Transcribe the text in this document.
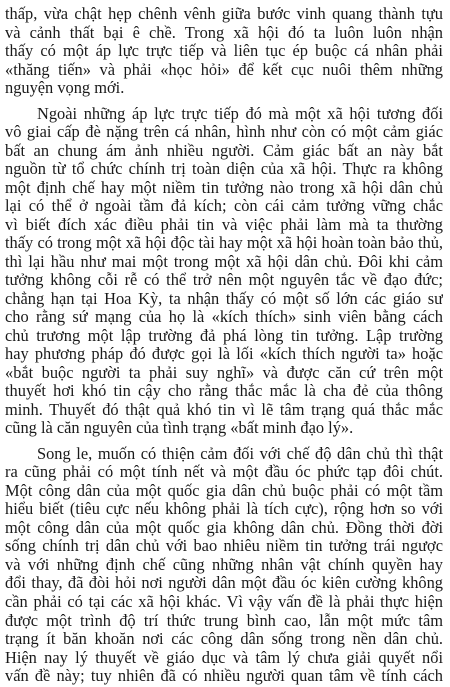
thấp, vừa chật hẹp chênh vênh giữa bước vinh quang thành tựu
và cảnh thất bại ê chề. Trong xã hội đó ta luôn luôn nhận
thấy có một áp lực trực tiếp và liên tục ép buộc cá nhân phải
«thăng tiến» và phải «học hỏi» để kết cục nuôi thêm những
nguyện vọng mới.
Ngoài những áp lực trực tiếp đó mà một xã hội tương đối
vô giai cấp đè nặng trên cá nhân, hình như còn có một cảm giác
bất an chung ám ảnh nhiều người. Cảm giác bất an này bắt
nguồn từ tổ chức chính trị toàn diện của xã hội. Thực ra không
một định chế hay một niềm tin tưởng nào trong xã hội dân chủ
lại có thể ở ngoài tầm đả kích; còn cái cảm tưởng vững chắc
vì biết đích xác điều phải tin và việc phải làm mà ta thường
thấy có trong một xã hội độc tài hay một xã hội hoàn toàn bảo thủ,
thì lại hầu như mai một trong một xã hội dân chủ. Đôi khi cảm
tưởng không cỗi rễ có thể trở nên một nguyên tắc về đạo đức;
chẳng hạn tại Hoa Kỳ, ta nhận thấy có một số lớn các giáo sư
cho rằng sứ mạng của họ là «kích thích» sinh viên bằng cách
chủ trương một lập trường đả phá lòng tin tưởng. Lập trường
hay phương pháp đó được gọi là lối «kích thích người ta» hoặc
«bắt buộc người ta phải suy nghĩ» và được căn cứ trên một
thuyết hơi khó tin cậy cho rằng thắc mắc là cha đẻ của thông
minh. Thuyết đó thật quả khó tin vì lẽ tâm trạng quá thắc mắc
cũng là căn nguyên của tình trạng «bất minh đạo lý».
Song le, muốn có thiện cảm đối với chế độ dân chủ thì thật
ra cũng phải có một tính nết và một đầu óc phức tạp đôi chút.
Một công dân của một quốc gia dân chủ buộc phải có một tầm
hiểu biết (tiêu cực nếu không phải là tích cực), rộng hơn so với
một công dân của một quốc gia không dân chủ. Đồng thời đời
sống chính trị dân chủ với bao nhiêu niềm tin tưởng trái ngược
và với những định chế cũng những nhân vật chính quyền hay
đổi thay, đã đòi hỏi nơi người dân một đầu óc kiên cường không
cần phải có tại các xã hội khác. Vì vậy vấn đề là phải thực hiện
được một trình độ trí thức trung bình cao, lẫn một mức tâm
trạng ít băn khoăn nơi các công dân sống trong nền dân chủ.
Hiện nay lý thuyết về giáo dục và tâm lý chưa giải quyết nổi
vấn đề này; tuy nhiên đã có nhiều người quan tâm về tính cách
